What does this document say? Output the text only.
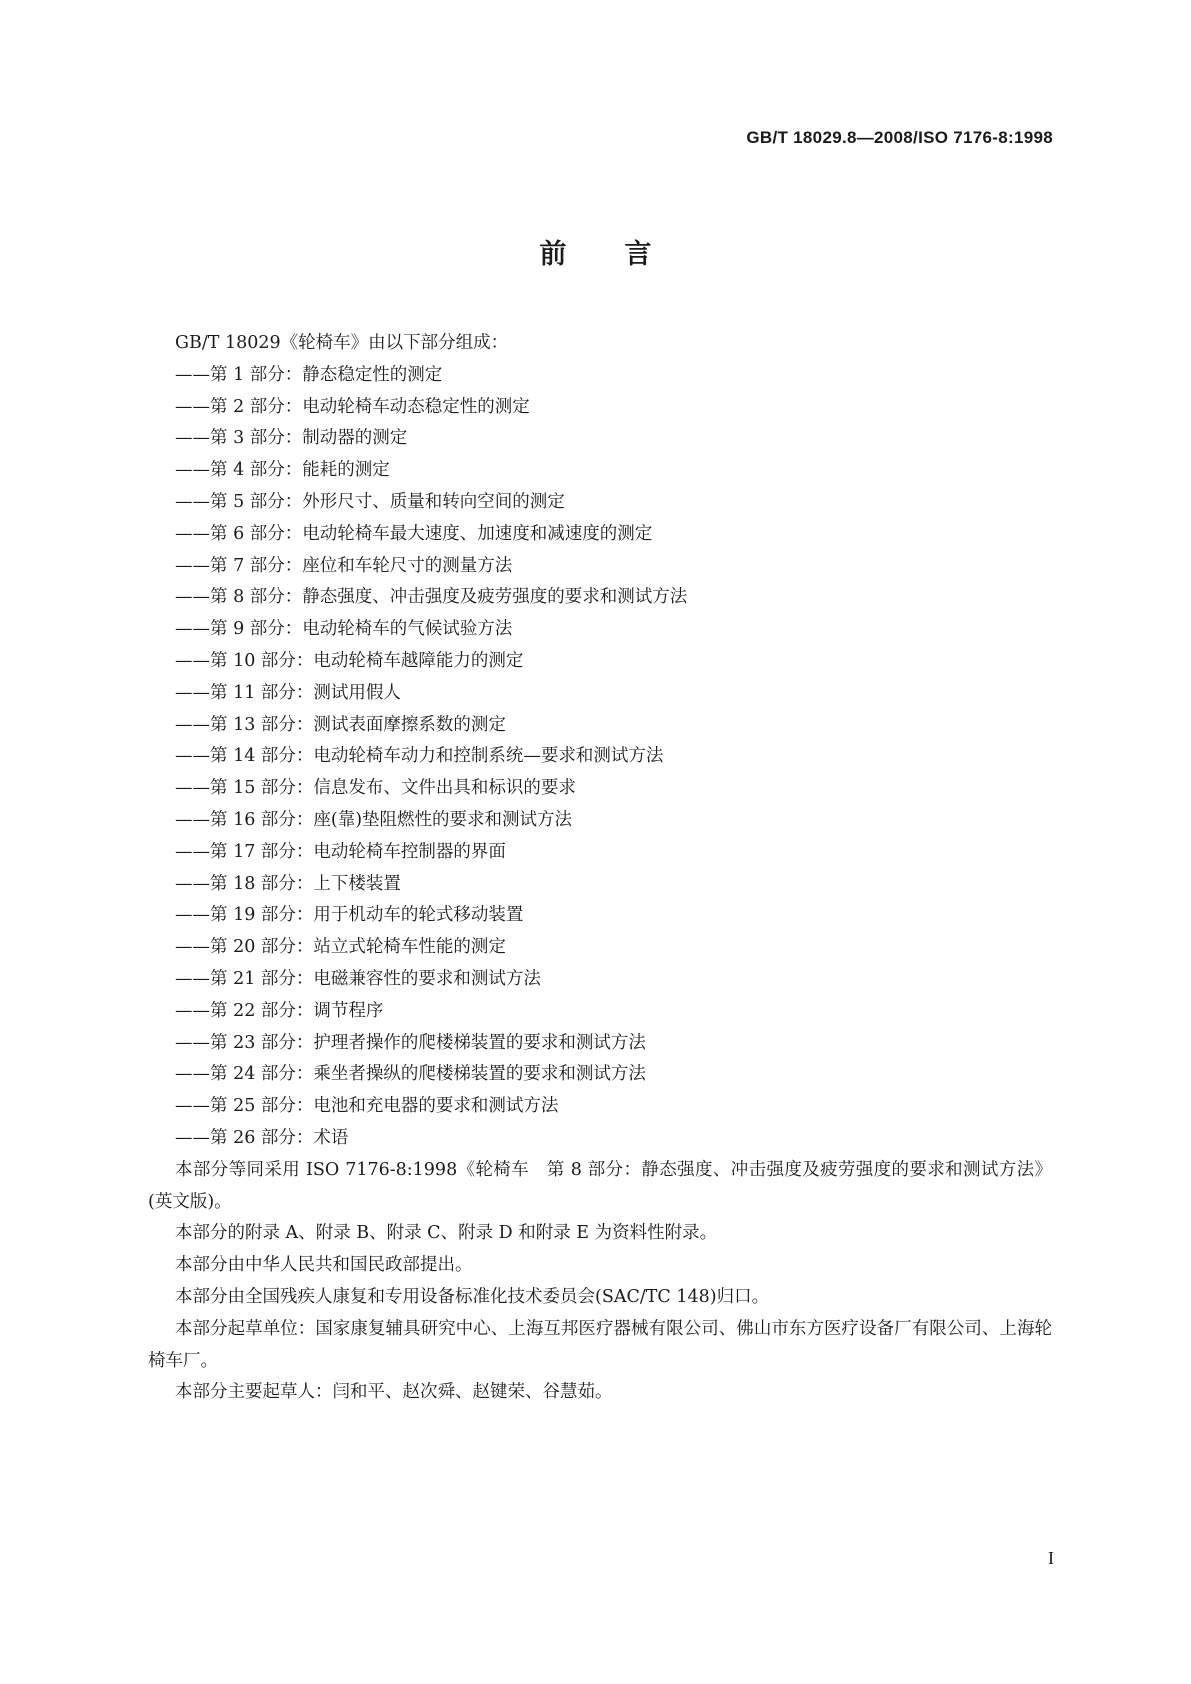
GB/T 18029.8—2008/ISO 7176-8:1998
前言
GB/T 18029《轮椅车》由以下部分组成：
——第 1 部分：静态稳定性的测定
——第 2 部分：电动轮椅车动态稳定性的测定
——第 3 部分：制动器的测定
——第 4 部分：能耗的测定
——第 5 部分：外形尺寸、质量和转向空间的测定
——第 6 部分：电动轮椅车最大速度、加速度和减速度的测定
——第 7 部分：座位和车轮尺寸的测量方法
——第 8 部分：静态强度、冲击强度及疲劳强度的要求和测试方法
——第 9 部分：电动轮椅车的气候试验方法
——第 10 部分：电动轮椅车越障能力的测定
——第 11 部分：测试用假人
——第 13 部分：测试表面摩擦系数的测定
——第 14 部分：电动轮椅车动力和控制系统—要求和测试方法
——第 15 部分：信息发布、文件出具和标识的要求
——第 16 部分：座(靠)垫阻燃性的要求和测试方法
——第 17 部分：电动轮椅车控制器的界面
——第 18 部分：上下楼装置
——第 19 部分：用于机动车的轮式移动装置
——第 20 部分：站立式轮椅车性能的测定
——第 21 部分：电磁兼容性的要求和测试方法
——第 22 部分：调节程序
——第 23 部分：护理者操作的爬楼梯装置的要求和测试方法
——第 24 部分：乘坐者操纵的爬楼梯装置的要求和测试方法
——第 25 部分：电池和充电器的要求和测试方法
——第 26 部分：术语
本部分等同采用 ISO 7176-8:1998《轮椅车　第 8 部分：静态强度、冲击强度及疲劳强度的要求和测试方法》(英文版)。
本部分的附录 A、附录 B、附录 C、附录 D 和附录 E 为资料性附录。
本部分由中华人民共和国民政部提出。
本部分由全国残疾人康复和专用设备标准化技术委员会(SAC/TC 148)归口。
本部分起草单位：国家康复辅具研究中心、上海互邦医疗器械有限公司、佛山市东方医疗设备厂有限公司、上海轮椅车厂。
本部分主要起草人：闫和平、赵次舜、赵键荣、谷慧茹。
I
